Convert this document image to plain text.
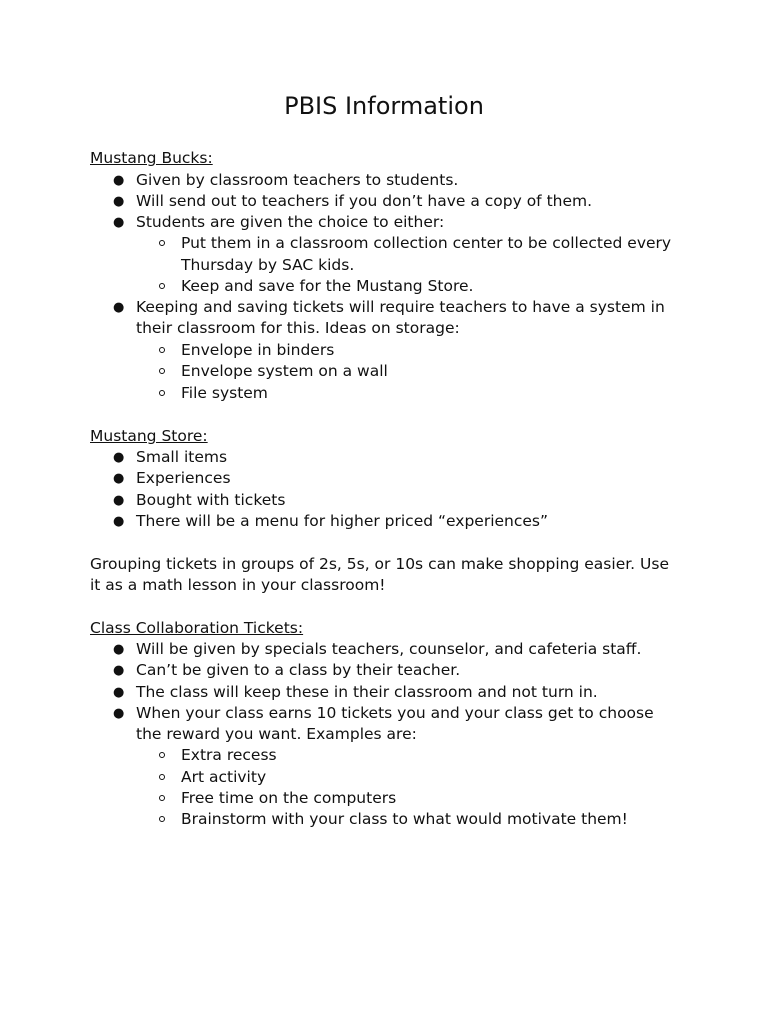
PBIS Information

Mustang Bucks:

● Given by classroom teachers to students.

● Will send out to teachers if you don’t have a copy of them.

● Students are given the choice to either:

Put them in a classroom collection center to be collected every

Thursday by SAC kids.

Keep and save for the Mustang Store.

● Keeping and saving tickets will require teachers to have a system in

their classroom for this. Ideas on storage:

Envelope in binders

Envelope system on a wall

File system

Mustang Store:

● Small items

● Experiences

● Bought with tickets

● There will be a menu for higher priced “experiences”

Grouping tickets in groups of 2s, 5s, or 10s can make shopping easier. Use

it as a math lesson in your classroom!

Class Collaboration Tickets:

● Will be given by specials teachers, counselor, and cafeteria staff.

● Can’t be given to a class by their teacher.

● The class will keep these in their classroom and not turn in.

● When your class earns 10 tickets you and your class get to choose

the reward you want. Examples are:

Extra recess

Art activity

Free time on the computers

Brainstorm with your class to what would motivate them!
